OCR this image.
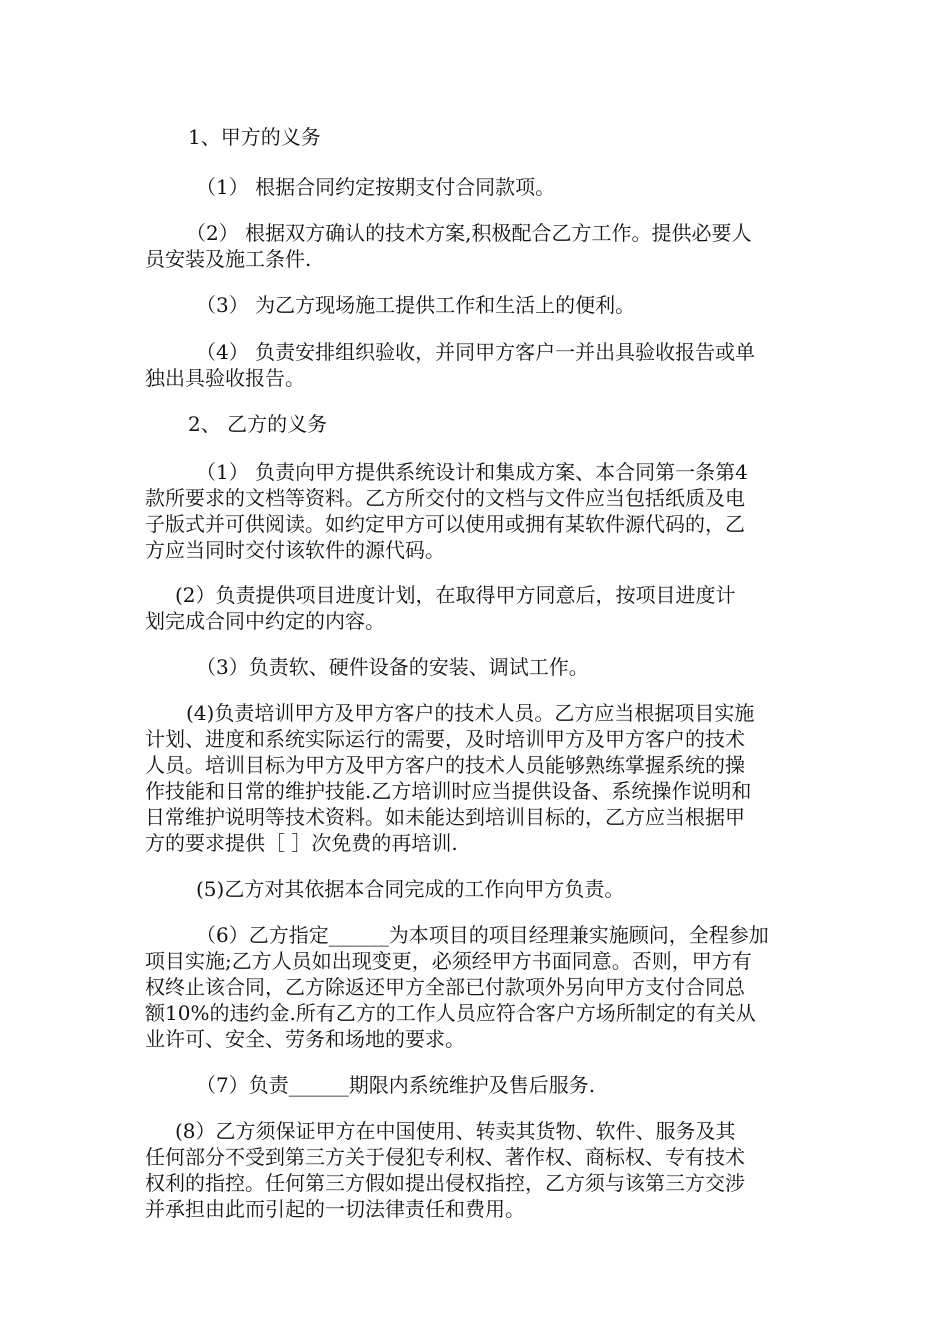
1、甲方的义务
（1） 根据合同约定按期支付合同款项。
（2） 根据双方确认的技术方案,积极配合乙方工作。提供必要人
员安装及施工条件.
（3） 为乙方现场施工提供工作和生活上的便利。
（4） 负责安排组织验收，并同甲方客户一并出具验收报告或单
独出具验收报告。
2、 乙方的义务
（1） 负责向甲方提供系统设计和集成方案、本合同第一条第4
款所要求的文档等资料。乙方所交付的文档与文件应当包括纸质及电
子版式并可供阅读。如约定甲方可以使用或拥有某软件源代码的，乙
方应当同时交付该软件的源代码。
(2）负责提供项目进度计划，在取得甲方同意后，按项目进度计
划完成合同中约定的内容。
（3）负责软、硬件设备的安装、调试工作。
(4)负责培训甲方及甲方客户的技术人员。乙方应当根据项目实施
计划、进度和系统实际运行的需要，及时培训甲方及甲方客户的技术
人员。培训目标为甲方及甲方客户的技术人员能够熟练掌握系统的操
作技能和日常的维护技能.乙方培训时应当提供设备、系统操作说明和
日常维护说明等技术资料。如未能达到培训目标的，乙方应当根据甲
方的要求提供［ ］次免费的再培训.
(5)乙方对其依据本合同完成的工作向甲方负责。
（6）乙方指定______为本项目的项目经理兼实施顾问，全程参加
项目实施;乙方人员如出现变更，必须经甲方书面同意。否则，甲方有
权终止该合同，乙方除返还甲方全部已付款项外另向甲方支付合同总
额10%的违约金.所有乙方的工作人员应符合客户方场所制定的有关从
业许可、安全、劳务和场地的要求。
（7）负责______期限内系统维护及售后服务.
(8）乙方须保证甲方在中国使用、转卖其货物、软件、服务及其
任何部分不受到第三方关于侵犯专利权、著作权、商标权、专有技术
权利的指控。任何第三方假如提出侵权指控，乙方须与该第三方交涉
并承担由此而引起的一切法律责任和费用。
